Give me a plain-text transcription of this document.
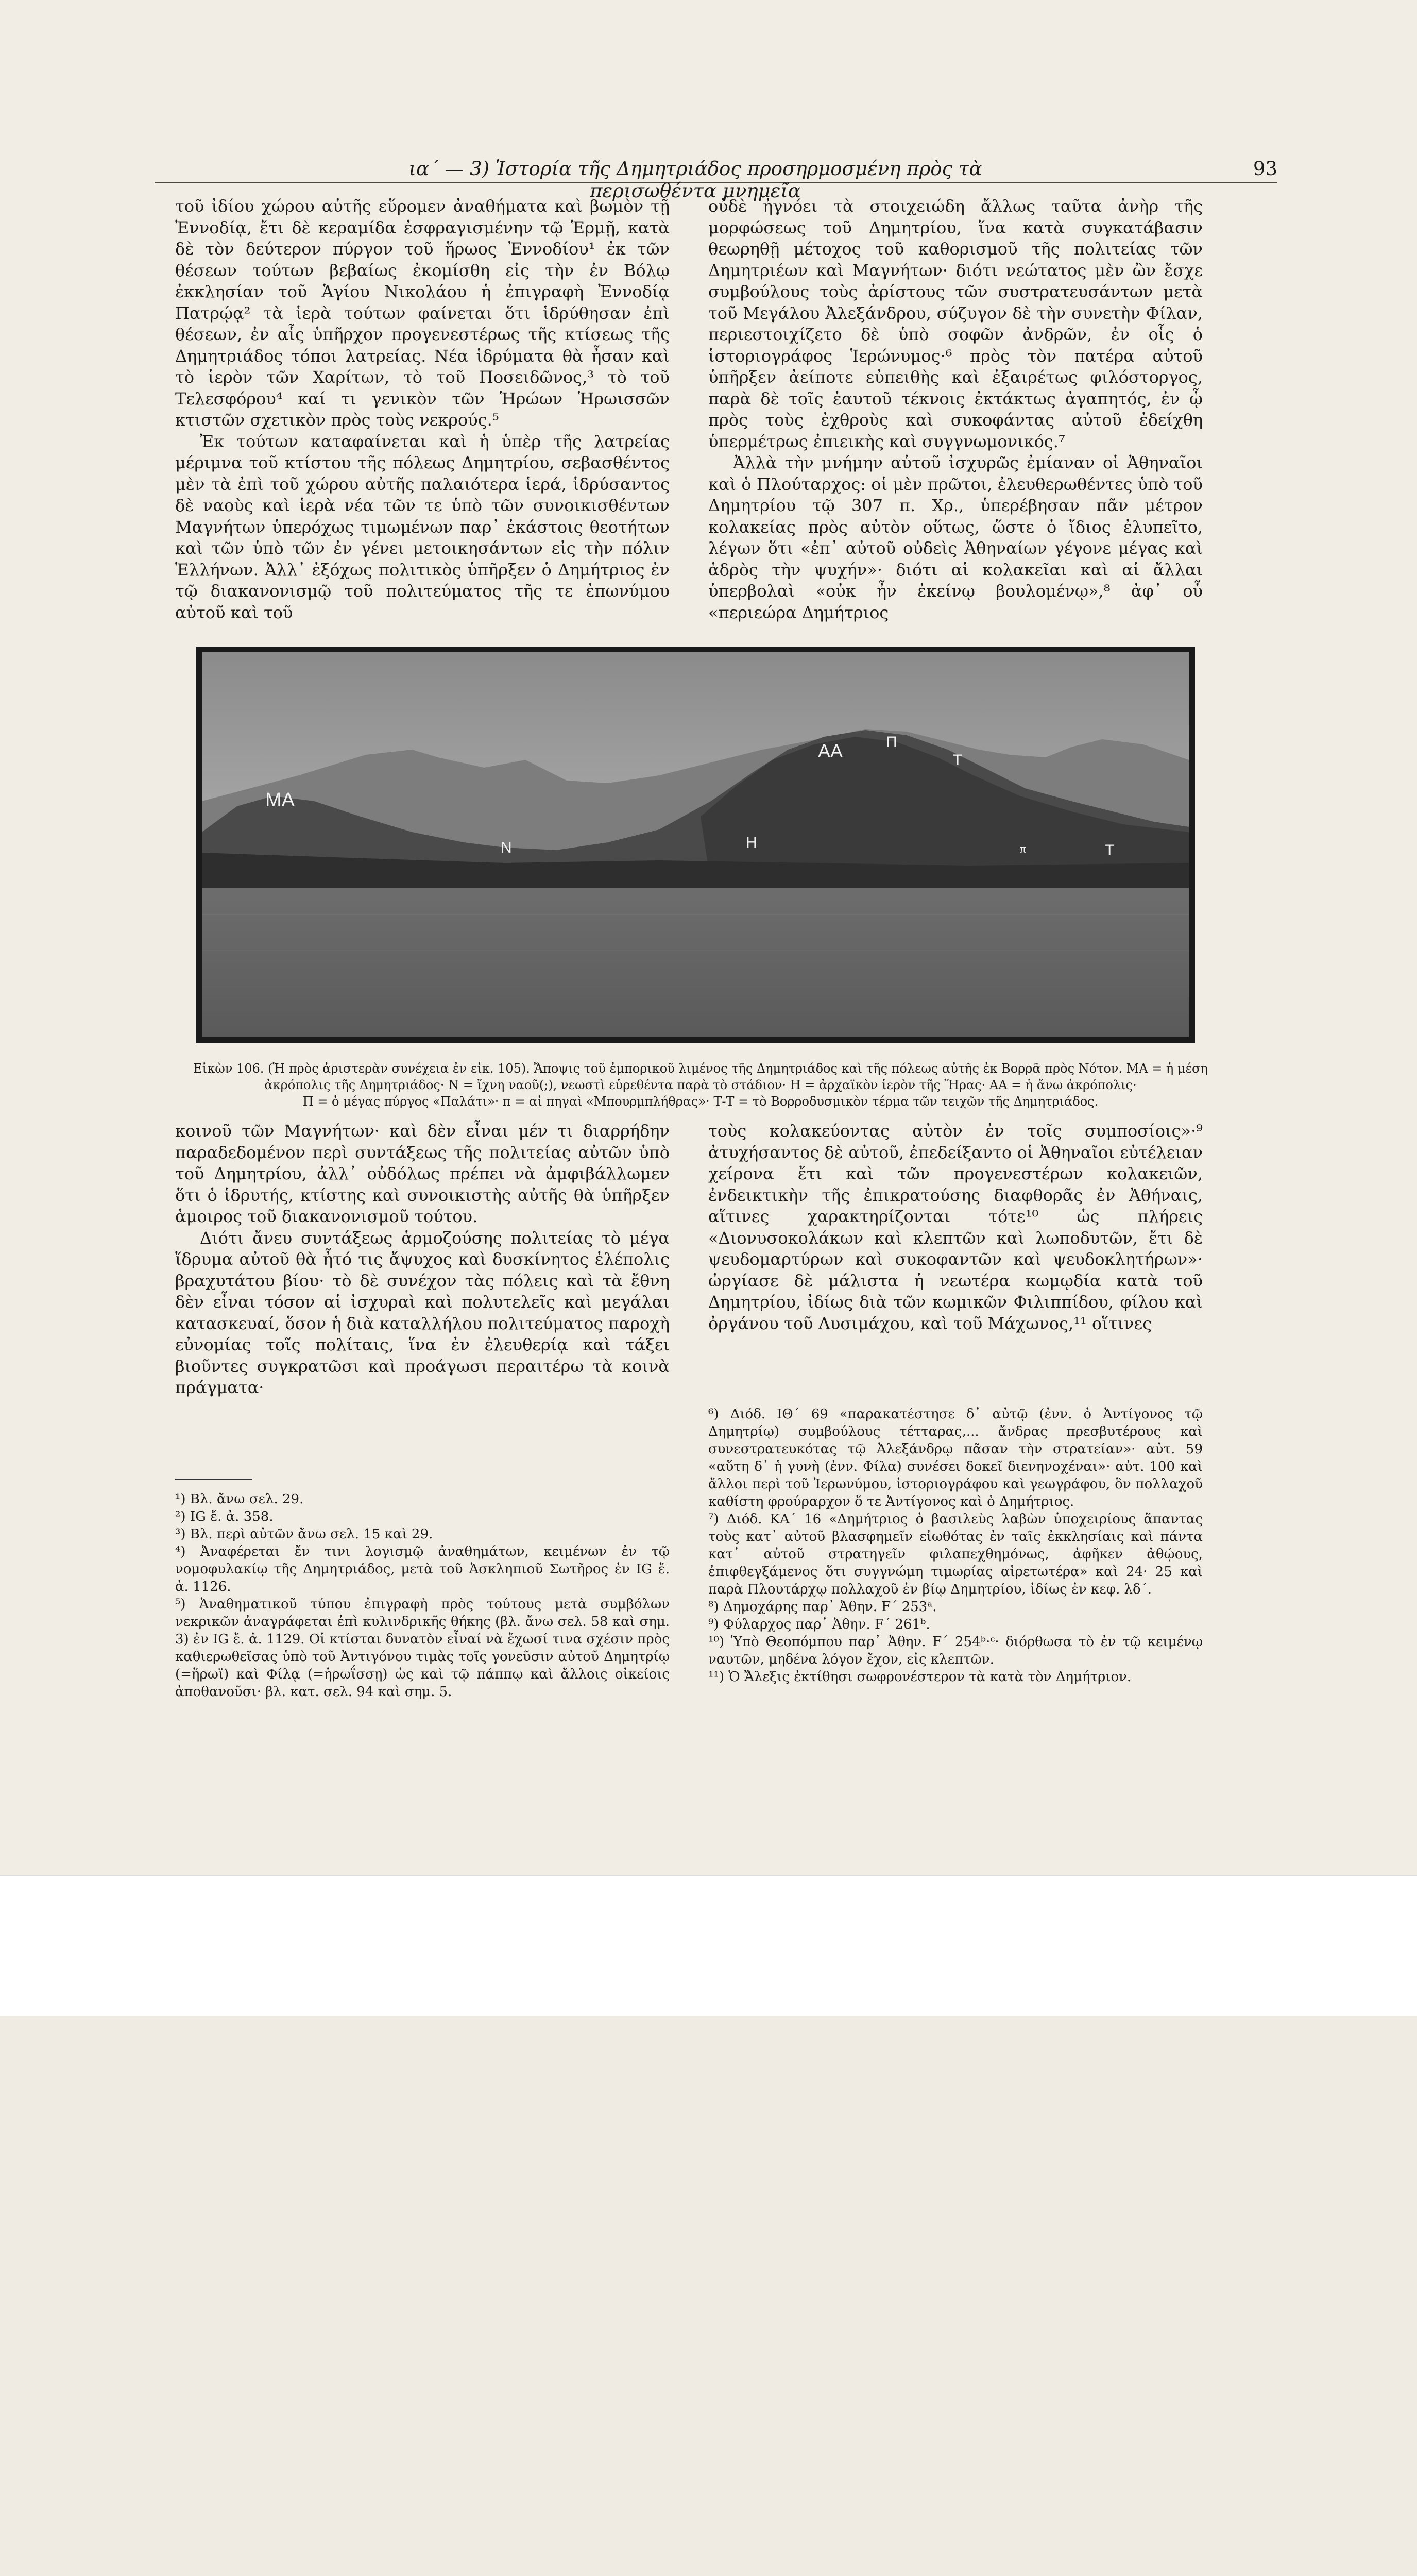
ια΄ — 3) Ἱστορία τῆς Δημητριάδος προσηρμοσμένη πρὸς τὰ περισωθέντα μνημεῖα
93

τοῦ ἰδίου χώρου αὐτῆς εὕρομεν ἀναθήματα καὶ βωμὸν τῇ Ἐννοδίᾳ, ἔτι δὲ κεραμίδα ἐσφραγισμένην τῷ Ἑρμῇ, κατὰ δὲ τὸν δεύτερον πύργον τοῦ ἥρωος Ἐννοδίου¹ ἐκ τῶν θέσεων τούτων βεβαίως ἐκομίσθη εἰς τὴν ἐν Βόλῳ ἐκκλησίαν τοῦ Ἁγίου Νικολάου ἡ ἐπιγραφὴ Ἐννοδίᾳ Πατρῴᾳ² τὰ ἱερὰ τούτων φαίνεται ὅτι ἱδρύθησαν ἐπὶ θέσεων, ἐν αἷς ὑπῆρχον προγενεστέρως τῆς κτίσεως τῆς Δημητριάδος τόποι λατρείας. Νέα ἱδρύματα θὰ ἦσαν καὶ τὸ ἱερὸν τῶν Χαρίτων, τὸ τοῦ Ποσειδῶνος,³ τὸ τοῦ Τελεσφόρου⁴ καί τι γενικὸν τῶν Ἡρώων Ἡρωισσῶν κτιστῶν σχετικὸν πρὸς τοὺς νεκρούς.⁵

Ἐκ τούτων καταφαίνεται καὶ ἡ ὑπὲρ τῆς λατρείας μέριμνα τοῦ κτίστου τῆς πόλεως Δημητρίου, σεβασθέντος μὲν τὰ ἐπὶ τοῦ χώρου αὐτῆς παλαιότερα ἱερά, ἱδρύσαντος δὲ ναοὺς καὶ ἱερὰ νέα τῶν τε ὑπὸ τῶν συνοικισθέντων Μαγνήτων ὑπερόχως τιμωμένων παρ᾽ ἑκάστοις θεοτήτων καὶ τῶν ὑπὸ τῶν ἐν γένει μετοικησάντων εἰς τὴν πόλιν Ἑλλήνων. Ἀλλ᾽ ἐξόχως πολιτικὸς ὑπῆρξεν ὁ Δημήτριος ἐν τῷ διακανονισμῷ τοῦ πολιτεύματος τῆς τε ἐπωνύμου αὐτοῦ καὶ τοῦ

οὐδὲ ἠγνόει τὰ στοιχειώδη ἄλλως ταῦτα ἀνὴρ τῆς μορφώσεως τοῦ Δημητρίου, ἵνα κατὰ συγκατάβασιν θεωρηθῇ μέτοχος τοῦ καθορισμοῦ τῆς πολιτείας τῶν Δημητριέων καὶ Μαγνήτων· διότι νεώτατος μὲν ὢν ἔσχε συμβούλους τοὺς ἀρίστους τῶν συστρατευσάντων μετὰ τοῦ Μεγάλου Ἀλεξάνδρου, σύζυγον δὲ τὴν συνετὴν Φίλαν, περιεστοιχίζετο δὲ ὑπὸ σοφῶν ἀνδρῶν, ἐν οἷς ὁ ἱστοριογράφος Ἱερώνυμος·⁶ πρὸς τὸν πατέρα αὐτοῦ ὑπῆρξεν ἀείποτε εὐπειθὴς καὶ ἐξαιρέτως φιλόστοργος, παρὰ δὲ τοῖς ἑαυτοῦ τέκνοις ἐκτάκτως ἀγαπητός, ἐν ᾧ πρὸς τοὺς ἐχθροὺς καὶ συκοφάντας αὐτοῦ ἐδείχθη ὑπερμέτρως ἐπιεικὴς καὶ συγγνωμονικός.⁷

Ἀλλὰ τὴν μνήμην αὐτοῦ ἰσχυρῶς ἐμίαναν οἱ Ἀθηναῖοι καὶ ὁ Πλούταρχος: οἱ μὲν πρῶτοι, ἐλευθερωθέντες ὑπὸ τοῦ Δημητρίου τῷ 307 π. Χρ., ὑπερέβησαν πᾶν μέτρον κολακείας πρὸς αὐτὸν οὕτως, ὥστε ὁ ἴδιος ἐλυπεῖτο, λέγων ὅτι «ἐπ᾽ αὐτοῦ οὐδεὶς Ἀθηναίων γέγονε μέγας καὶ ἁδρὸς τὴν ψυχήν»· διότι αἱ κολακεῖαι καὶ αἱ ἄλλαι ὑπερβολαὶ «οὐκ ἦν ἐκείνῳ βουλομένῳ»,⁸ ἀφ᾽ οὗ «περιεώρα Δημήτριος

ΜΑ
Ν	Η
ΑΑ	Π
Τ
Τ
π
Εἰκὼν 106. (Ἡ πρὸς ἀριστερὰν συνέχεια ἐν εἰκ. 105). Ἄποψις τοῦ ἐμπορικοῦ λιμένος τῆς Δημητριάδος καὶ τῆς πόλεως αὐτῆς ἐκ Βορρᾶ πρὸς Νότον. ΜΑ = ἡ μέση ἀκρόπολις τῆς Δημητριάδος· Ν = ἴχνη ναοῦ(;), νεωστὶ εὑρεθέντα παρὰ τὸ στάδιον· Η = ἀρχαϊκὸν ἱερὸν τῆς Ἥρας· ΑΑ = ἡ ἄνω ἀκρόπολις·
Π = ὁ μέγας πύργος «Παλάτι»· π = αἱ πηγαὶ «Μπουρμπλήθρας»· Τ-Τ = τὸ Βορροδυσμικὸν τέρμα τῶν τειχῶν τῆς Δημητριάδος.

κοινοῦ τῶν Μαγνήτων· καὶ δὲν εἶναι μέν τι διαρρήδην παραδεδομένον περὶ συντάξεως τῆς πολιτείας αὐτῶν ὑπὸ τοῦ Δημητρίου, ἀλλ᾽ οὐδόλως πρέπει νὰ ἀμφιβάλλωμεν ὅτι ὁ ἱδρυτής, κτίστης καὶ συνοικιστὴς αὐτῆς θὰ ὑπῆρξεν ἁμοιρος τοῦ διακανονισμοῦ τούτου.

Διότι ἄνευ συντάξεως ἁρμοζούσης πολιτείας τὸ μέγα ἵδρυμα αὐτοῦ θὰ ἦτό τις ἄψυχος καὶ δυσκίνητος ἑλέπολις βραχυτάτου βίου· τὸ δὲ συνέχον τὰς πόλεις καὶ τὰ ἔθνη δὲν εἶναι τόσον αἱ ἰσχυραὶ καὶ πολυτελεῖς καὶ μεγάλαι κατασκευαί, ὅσον ἡ διὰ καταλλήλου πολιτεύματος παροχὴ εὐνομίας τοῖς πολίταις, ἵνα ἐν ἐλευθερίᾳ καὶ τάξει βιοῦντες συγκρατῶσι καὶ προάγωσι περαιτέρω τὰ κοινὰ πράγματα·

τοὺς κολακεύοντας αὐτὸν ἐν τοῖς συμποσίοις»·⁹ ἀτυχήσαντος δὲ αὐτοῦ, ἐπεδείξαντο οἱ Ἀθηναῖοι εὐτέλειαν χείρονα ἔτι καὶ τῶν προγενεστέρων κολακειῶν, ἐνδεικτικὴν τῆς ἐπικρατούσης διαφθορᾶς ἐν Ἀθήναις, αἵτινες χαρακτηρίζονται τότε¹⁰ ὡς πλήρεις «Διονυσοκολάκων καὶ κλεπτῶν καὶ λωποδυτῶν, ἔτι δὲ ψευδομαρτύρων καὶ συκοφαντῶν καὶ ψευδοκλητήρων»· ὠργίασε δὲ μάλιστα ἡ νεωτέρα κωμῳδία κατὰ τοῦ Δημητρίου, ἰδίως διὰ τῶν κωμικῶν Φιλιππίδου, φίλου καὶ ὀργάνου τοῦ Λυσιμάχου, καὶ τοῦ Μάχωνος,¹¹ οἵτινες

¹) Βλ. ἄνω σελ. 29.
²) IG ἔ. ἀ. 358.
³) Βλ. περὶ αὐτῶν ἄνω σελ. 15 καὶ 29.
⁴) Ἀναφέρεται ἔν τινι λογισμῷ ἀναθημάτων, κειμένων ἐν τῷ νομοφυλακίῳ τῆς Δημητριάδος, μετὰ τοῦ Ἀσκληπιοῦ Σωτῆρος ἐν IG ἔ. ἀ. 1126.
⁵) Ἀναθηματικοῦ τύπου ἐπιγραφὴ πρὸς τούτους μετὰ συμβόλων νεκρικῶν ἀναγράφεται ἐπὶ κυλινδρικῆς θήκης (βλ. ἄνω σελ. 58 καὶ σημ. 3) ἐν IG ἔ. ἀ. 1129. Οἱ κτίσται δυνατὸν εἶναί νὰ ἔχωσί τινα σχέσιν πρὸς καθιερωθεῖσας ὑπὸ τοῦ Ἀντιγόνου τιμὰς τοῖς γονεῦσιν αὐτοῦ Δημητρίῳ (=ἥρωϊ) καὶ Φίλᾳ (=ἡρωΐσσῃ) ὡς καὶ τῷ πάππῳ καὶ ἄλλοις οἰκείοις ἀποθανοῦσι· βλ. κατ. σελ. 94 καὶ σημ. 5.
⁶) Διόδ. ΙΘ΄ 69 «παρακατέστησε δ᾽ αὐτῷ (ἐνν. ὁ Ἀντίγονος τῷ Δημητρίῳ) συμβούλους τέτταρας,... ἄνδρας πρεσβυτέρους καὶ συνεστρατευκότας τῷ Ἀλεξάνδρῳ πᾶσαν τὴν στρατείαν»· αὐτ. 59 «αὕτη δ᾽ ἡ γυνὴ (ἐνν. Φίλα) συνέσει δοκεῖ διενηνοχέναι»· αὐτ. 100 καὶ ἄλλοι περὶ τοῦ Ἱερωνύμου, ἱστοριογράφου καὶ γεωγράφου, ὃν πολλαχοῦ καθίστη φρούραρχον ὅ τε Ἀντίγονος καὶ ὁ Δημήτριος.
⁷) Διόδ. ΚΑ΄ 16 «Δημήτριος ὁ βασιλεὺς λαβὼν ὑποχειρίους ἅπαντας τοὺς κατ᾽ αὐτοῦ βλασφημεῖν εἰωθότας ἐν ταῖς ἐκκλησίαις καὶ πάντα κατ᾽ αὐτοῦ στρατηγεῖν φιλαπεχθημόνως, ἀφῆκεν ἀθῴους, ἐπιφθεγξάμενος ὅτι συγγνώμη τιμωρίας αἱρετωτέρα» καὶ 24· 25 καὶ παρὰ Πλουτάρχῳ πολλαχοῦ ἐν βίῳ Δημητρίου, ἰδίως ἐν κεφ. λδ΄.
⁸) Δημοχάρης παρ᾽ Ἀθην. F΄ 253ᵃ.
⁹) Φύλαρχος παρ᾽ Ἀθην. F΄ 261ᵇ.
¹⁰) Ὑπὸ Θεοπόμπου παρ᾽ Ἀθην. F΄ 254ᵇ·ᶜ· διόρθωσα τὸ ἐν τῷ κειμένῳ ναυτῶν, μηδένα λόγον ἔχον, εἰς κλεπτῶν.
¹¹) Ὁ Ἄλεξις ἐκτίθησι σωφρονέστερον τὰ κατὰ τὸν Δημήτριον.
